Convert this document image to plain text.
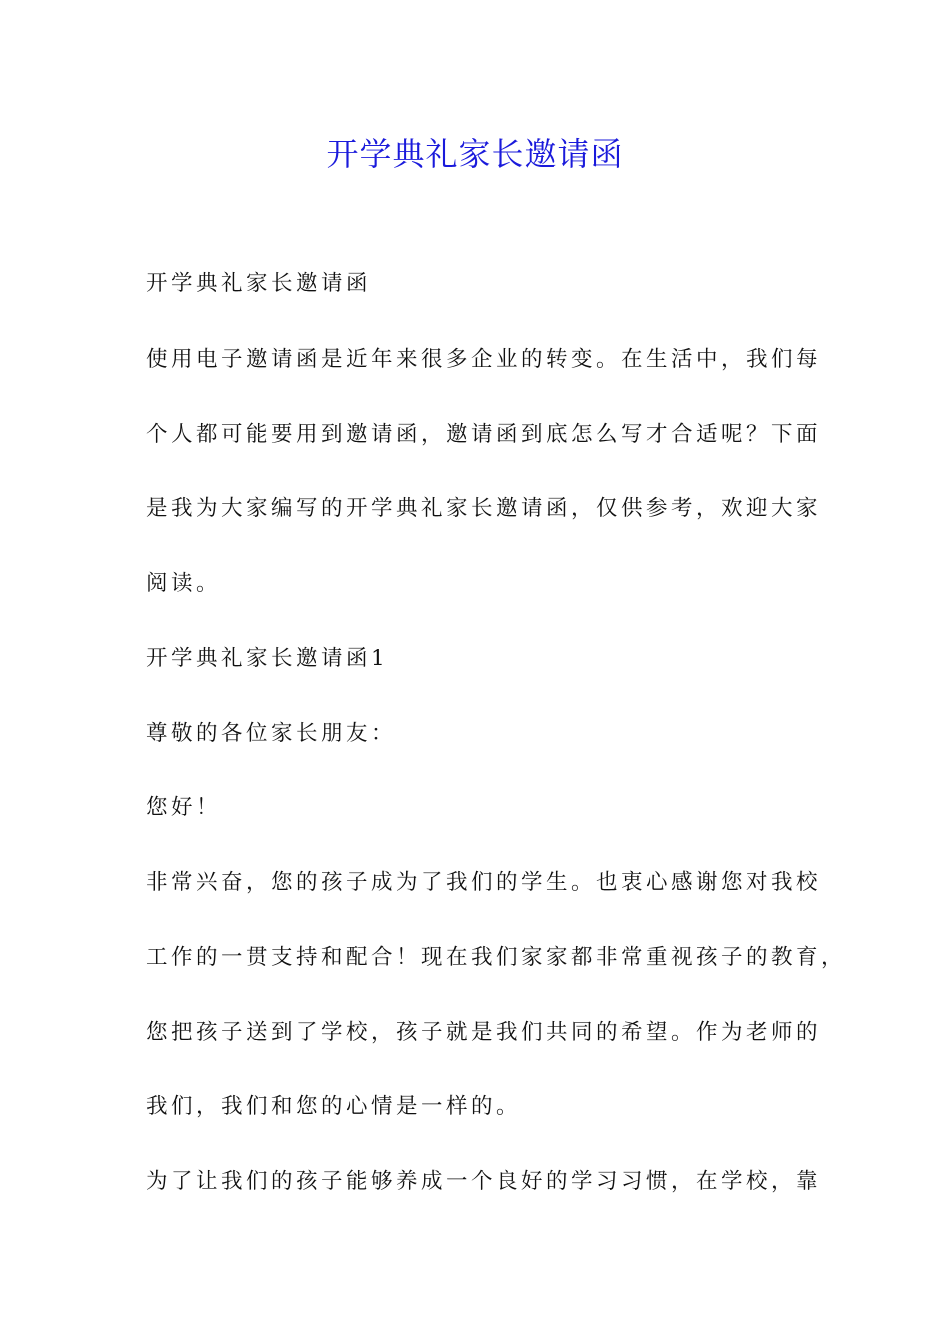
开学典礼家长邀请函

开学典礼家长邀请函

使用电子邀请函是近年来很多企业的转变。在生活中，我们每

个人都可能要用到邀请函，邀请函到底怎么写才合适呢？下面

是我为大家编写的开学典礼家长邀请函，仅供参考，欢迎大家

阅读。

开学典礼家长邀请函1

尊敬的各位家长朋友：

您好！

非常兴奋，您的孩子成为了我们的学生。也衷心感谢您对我校

工作的一贯支持和配合！现在我们家家都非常重视孩子的教育，

您把孩子送到了学校，孩子就是我们共同的希望。作为老师的

我们，我们和您的心情是一样的。

为了让我们的孩子能够养成一个良好的学习习惯，在学校，靠
